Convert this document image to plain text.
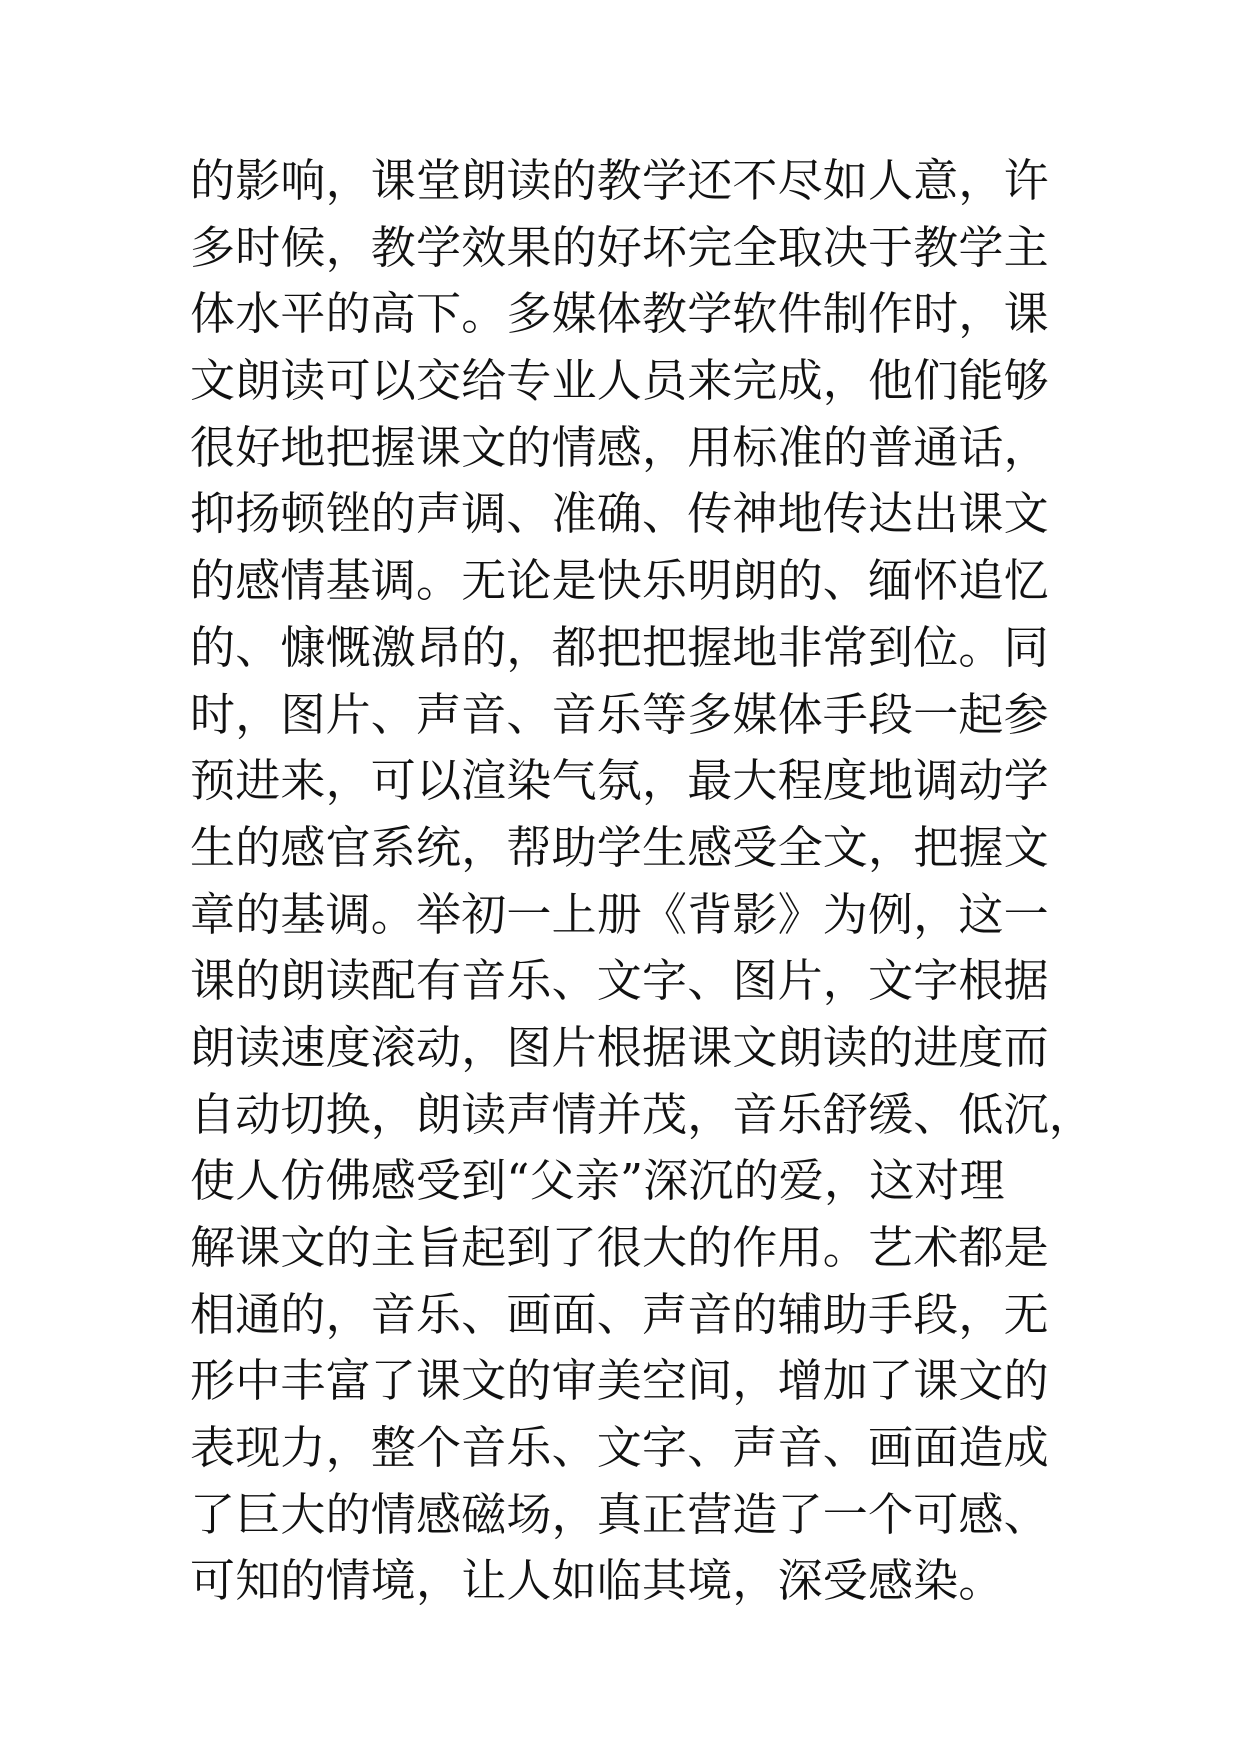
的影响，课堂朗读的教学还不尽如人意，许
多时候，教学效果的好坏完全取决于教学主
体水平的高下。多媒体教学软件制作时，课
文朗读可以交给专业人员来完成，他们能够
很好地把握课文的情感，用标准的普通话，
抑扬顿锉的声调、准确、传神地传达出课文
的感情基调。无论是快乐明朗的、缅怀追忆
的、慷慨激昂的，都把把握地非常到位。同
时，图片、声音、音乐等多媒体手段一起参
预进来，可以渲染气氛，最大程度地调动学
生的感官系统，帮助学生感受全文，把握文
章的基调。举初一上册《背影》为例，这一
课的朗读配有音乐、文字、图片，文字根据
朗读速度滚动，图片根据课文朗读的进度而
自动切换，朗读声情并茂，音乐舒缓、低沉，
使人仿佛感受到“父亲”深沉的爱，这对理
解课文的主旨起到了很大的作用。艺术都是
相通的，音乐、画面、声音的辅助手段，无
形中丰富了课文的审美空间，增加了课文的
表现力，整个音乐、文字、声音、画面造成
了巨大的情感磁场，真正营造了一个可感、
可知的情境，让人如临其境，深受感染。
